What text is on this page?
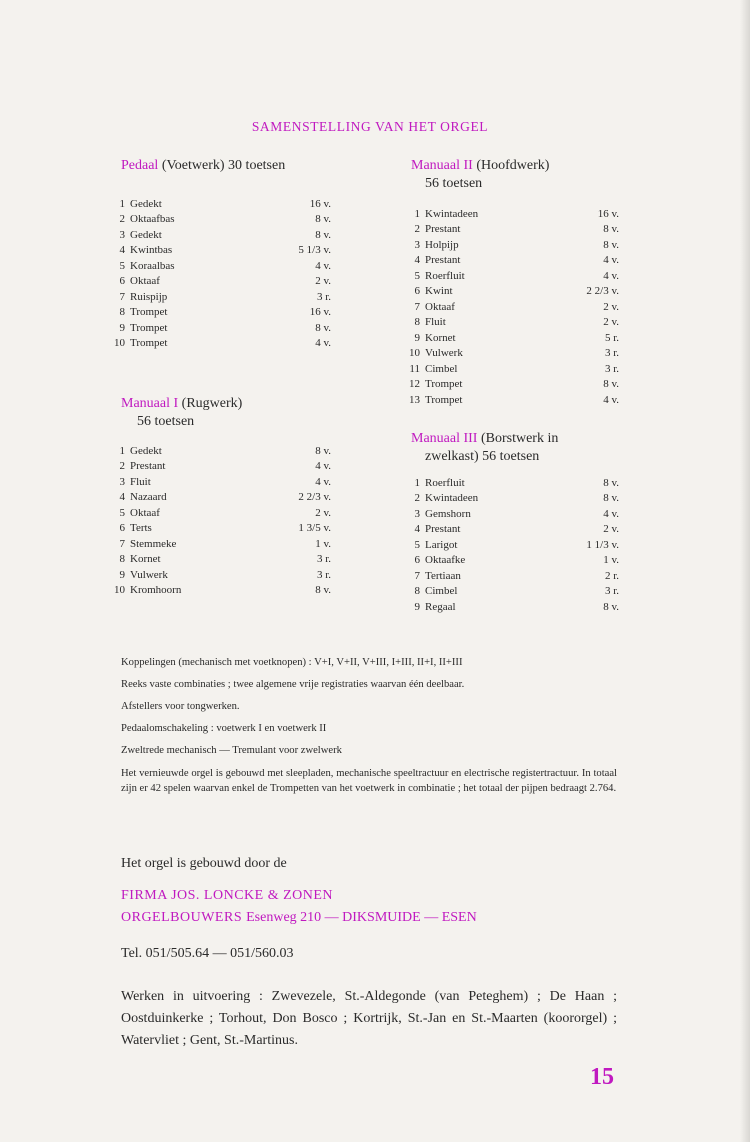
SAMENSTELLING VAN HET ORGEL
Pedaal (Voetwerk) 30 toetsen
1	Gedekt	16 v.
2	Oktaafbas	8 v.
3	Gedekt	8 v.
4	Kwintbas	5 1/3 v.
5	Koraalbas	4 v.
6	Oktaaf	2 v.
7	Ruispijp	3 r.
8	Trompet	16 v.
9	Trompet	8 v.
10	Trompet	4 v.
Manuaal I (Rugwerk)
56 toetsen
1	Gedekt	8 v.
2	Prestant	4 v.
3	Fluit	4 v.
4	Nazaard	2 2/3 v.
5	Oktaaf	2 v.
6	Terts	1 3/5 v.
7	Stemmeke	1 v.
8	Kornet	3 r.
9	Vulwerk	3 r.
10	Kromhoorn	8 v.
Manuaal II (Hoofdwerk)
56 toetsen
1	Kwintadeen	16 v.
2	Prestant	8 v.
3	Holpijp	8 v.
4	Prestant	4 v.
5	Roerfluit	4 v.
6	Kwint	2 2/3 v.
7	Oktaaf	2 v.
8	Fluit	2 v.
9	Kornet	5 r.
10	Vulwerk	3 r.
11	Cimbel	3 r.
12	Trompet	8 v.
13	Trompet	4 v.
Manuaal III (Borstwerk in
zwelkast) 56 toetsen
1	Roerfluit	8 v.
2	Kwintadeen	8 v.
3	Gemshorn	4 v.
4	Prestant	2 v.
5	Larigot	1 1/3 v.
6	Oktaafke	1 v.
7	Tertiaan	2 r.
8	Cimbel	3 r.
9	Regaal	8 v.

Koppelingen (mechanisch met voetknopen) : V+I, V+II, V+III, I+III, II+I, II+III

Reeks vaste combinaties ; twee algemene vrije registraties waarvan één deelbaar.

Afstellers voor tongwerken.

Pedaalomschakeling : voetwerk I en voetwerk II

Zweltrede mechanisch — Tremulant voor zwelwerk

Het vernieuwde orgel is gebouwd met sleepladen, mechanische speeltractuur en electrische registertractuur. In totaal zijn er 42 spelen waarvan enkel de Trompetten van het voetwerk in combinatie ; het totaal der pijpen bedraagt 2.764.

Het orgel is gebouwd door de
FIRMA JOS. LONCKE & ZONEN
ORGELBOUWERS Esenweg 210 — DIKSMUIDE — ESEN
Tel. 051/505.64 — 051/560.03
Werken in uitvoering : Zwevezele, St.-Aldegonde (van Peteghem) ; De Haan ; Oostduinkerke ; Torhout, Don Bosco ; Kortrijk, St.-Jan en St.-Maarten (koororgel) ; Watervliet ; Gent, St.-Martinus.
15
